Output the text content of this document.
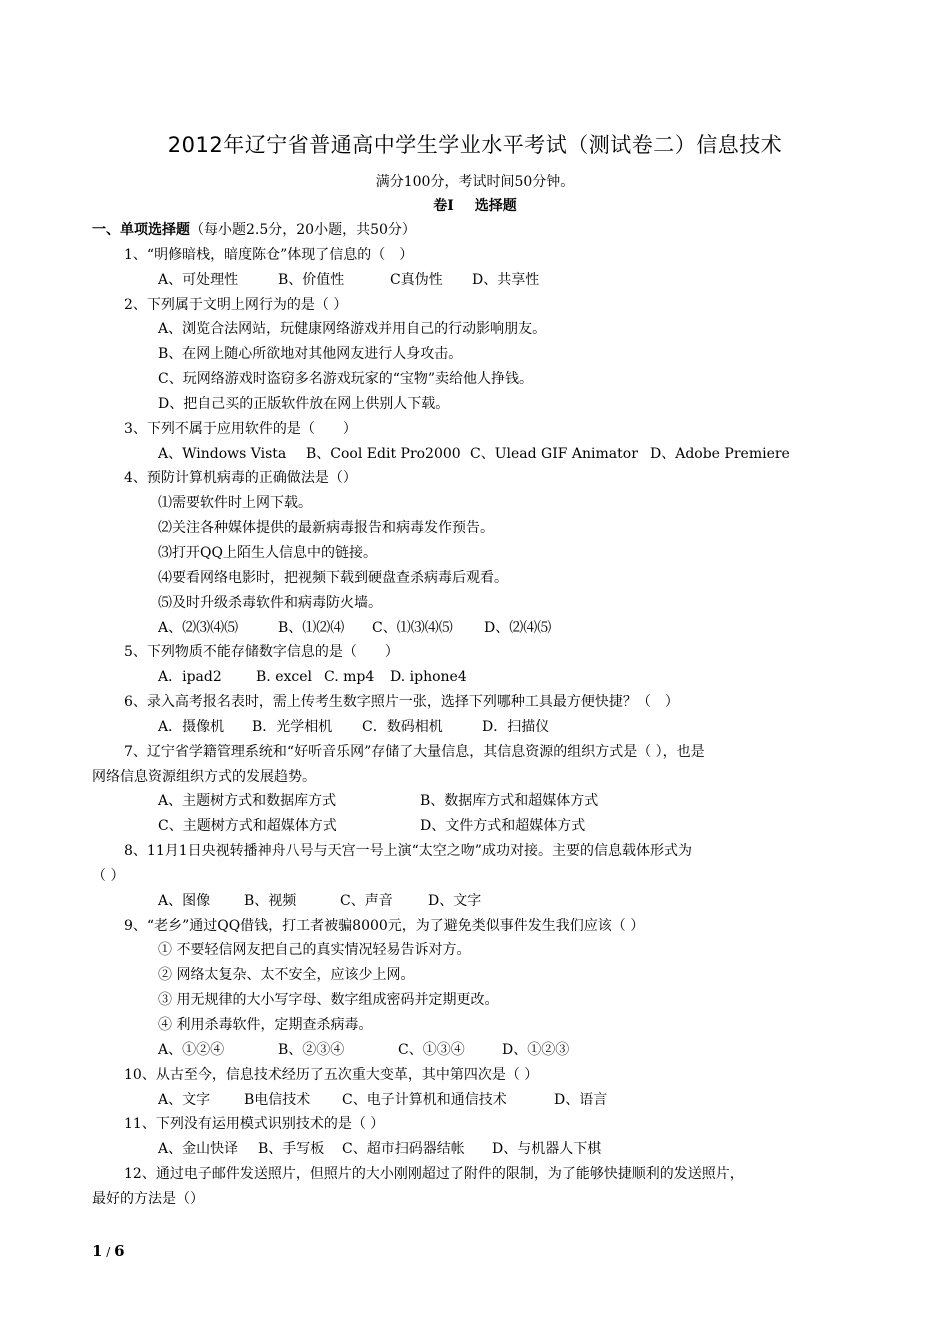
2012年辽宁省普通高中学生学业水平考试（测试卷二）信息技术
满分100分，考试时间50分钟。
卷Ⅰ 选择题
一、单项选择题（每小题2.5分，20小题，共50分）
1、“明修暗栈，暗度陈仓”体现了信息的（　）
A、可处理性	B、价值性	C真伪性 D、共享性
2、下列属于文明上网行为的是（ ）
A、浏览合法网站，玩健康网络游戏并用自己的行动影响朋友。
B、在网上随心所欲地对其他网友进行人身攻击。
C、玩网络游戏时盗窃多名游戏玩家的“宝物”卖给他人挣钱。
D、把自己买的正版软件放在网上供别人下载。
3、下列不属于应用软件的是（　　）
A、Windows Vista B、Cool Edit Pro2000 C、Ulead GIF Animator D、Adobe Premiere
4、预防计算机病毒的正确做法是（）
⑴需要软件时上网下载。
⑵关注各种媒体提供的最新病毒报告和病毒发作预告。
⑶打开QQ上陌生人信息中的链接。
⑷要看网络电影时，把视频下载到硬盘查杀病毒后观看。
⑸及时升级杀毒软件和病毒防火墙。
A、⑵⑶⑷⑸	B、⑴⑵⑷ C、⑴⑶⑷⑸ D、⑵⑷⑸
5、下列物质不能存储数字信息的是（　　）
A．ipad2 B. excel C. mp4 D. iphone4
6、录入高考报名表时，需上传考生数字照片一张，选择下列哪种工具最方便快捷？（　）
A．摄像机 B．光学相机 C．数码相机	D．扫描仪
7、辽宁省学籍管理系统和“好听音乐网”存储了大量信息，其信息资源的组织方式是（ ），也是
网络信息资源组织方式的发展趋势。
A、主题树方式和数据库方式	B、数据库方式和超媒体方式
C、主题树方式和超媒体方式	D、文件方式和超媒体方式
8、11月1日央视转播神舟八号与天宫一号上演“太空之吻”成功对接。主要的信息载体形式为
（ ）
A、图像 B、视频	C、声音	D、文字
9、“老乡”通过QQ借钱，打工者被骗8000元，为了避免类似事件发生我们应该（ ）
① 不要轻信网友把自己的真实情况轻易告诉对方。
② 网络太复杂、太不安全，应该少上网。
③ 用无规律的大小写字母、数字组成密码并定期更改。
④ 利用杀毒软件，定期查杀病毒。
A、①②④	B、②③④	C、①③④	D、①②③
10、从古至今，信息技术经历了五次重大变革，其中第四次是（ ）
A、文字 B电信技术 C、电子计算机和通信技术	D、语言
11、下列没有运用模式识别技术的是（ ）
A、金山快译 B、手写板 C、超市扫码器结帐 D、与机器人下棋
12、通过电子邮件发送照片，但照片的大小刚刚超过了附件的限制，为了能够快捷顺利的发送照片，
最好的方法是（）
1 / 6
